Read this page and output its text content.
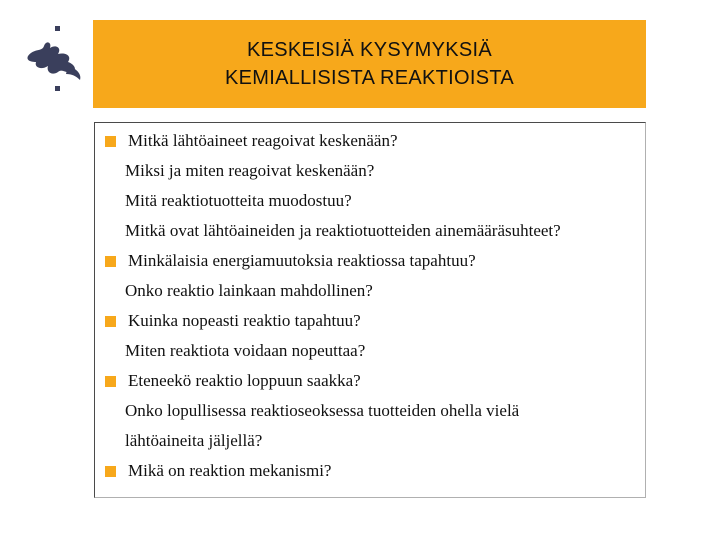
KESKEISIÄ KYSYMYKSIÄ
KEMIALLISISTA REAKTIOISTA
Mitkä lähtöaineet reagoivat keskenään?
Miksi ja miten reagoivat keskenään?
Mitä reaktiotuotteita muodostuu?
Mitkä ovat lähtöaineiden ja reaktiotuotteiden ainemääräsuhteet?
Minkälaisia energiamuutoksia reaktiossa tapahtuu?
Onko reaktio lainkaan mahdollinen?
Kuinka nopeasti reaktio tapahtuu?
Miten reaktiota voidaan nopeuttaa?
Eteneekö reaktio loppuun saakka?
Onko lopullisessa reaktioseoksessa tuotteiden ohella vielä
lähtöaineita jäljellä?
Mikä on reaktion mekanismi?
